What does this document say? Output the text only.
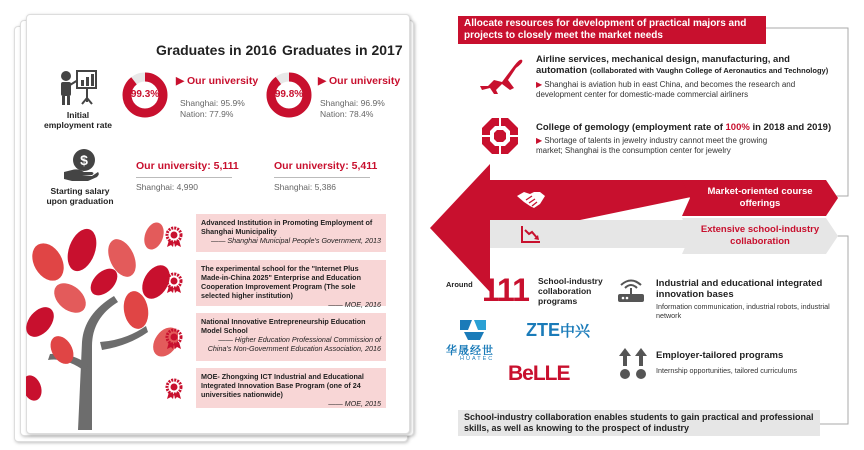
Graduates in 2016 Graduates in 2017
Initial employment rate
99.3%
▶ Our university
Shanghai: 95.9%
Nation: 77.9%
99.8%
▶ Our university
Shanghai: 96.9%
Nation: 78.4%
$
Starting salary upon graduation
Our university: 5,111
Shanghai: 4,990
Our university: 5,411
Shanghai: 5,386
Advanced Institution in Promoting Employment of Shanghai Municipality
—— Shanghai Municipal People's Government, 2013
The experimental school for the "Internet Plus Made-in-China 2025" Enterprise and Education Cooperation Improvement Program (The sole selected higher institution)
—— MOE, 2016
National Innovative Entrepreneurship Education Model School
—— Higher Education Professional Commission of China's Non-Government Education Association, 2016
MOE- Zhongxing ICT Industrial and Educational Integrated Innovation Base Program (one of 24 universities nationwide)
—— MOE, 2015
Allocate resources for development of practical majors and projects to closely meet the market needs
Airline services, mechanical design, manufacturing, and automation (collaborated with Vaughn College of Aeronautics and Technology)
▶ Shanghai is aviation hub in east China, and becomes the research and development center for domestic-made commercial airliners
College of gemology (employment rate of 100% in 2018 and 2019)
▶ Shortage of talents in jewelry industry cannot meet the growing market; Shanghai is the consumption center for jewelry
Market-oriented course offerings
Extensive school-industry collaboration
Around 111 School-industry collaboration programs
华晟经世
HUATEC
ZTE中兴
BeLLE
Industrial and educational integrated innovation bases
Information communication, industrial robots, industrial network
Employer-tailored programs
Internship opportunities, tailored curriculums
School-industry collaboration enables students to gain practical and professional skills, as well as knowing to the prospect of industry
